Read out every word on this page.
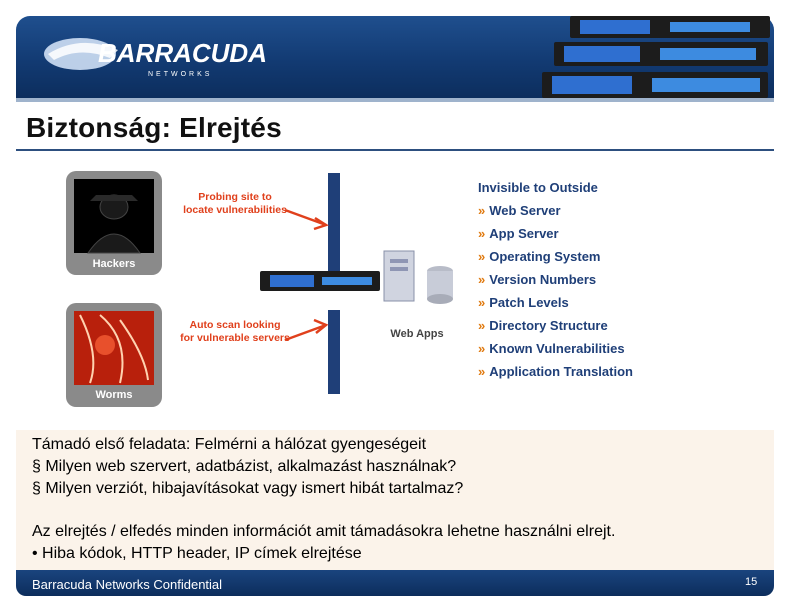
BARRACUDA
NETWORKS
Biztonság: Elrejtés
Hackers
Worms
Probing site to
locate vulnerabilities
Auto scan looking
for vulnerable servers	Web Apps
Invisible to Outside
» Web Server
» App Server
» Operating System
» Version Numbers
» Patch Levels
» Directory Structure
» Known Vulnerabilities
» Application Translation
Támadó első feladata: Felmérni a hálózat gyengeségeit
§ Milyen web szervert, adatbázist, alkalmazást használnak?
§ Milyen verziót, hibajavításokat vagy ismert hibát tartalmaz?
Az elrejtés / elfedés minden információt amit támadásokra lehetne használni elrejt.
• Hiba kódok, HTTP header, IP címek elrejtése
Barracuda Networks Confidential	15
